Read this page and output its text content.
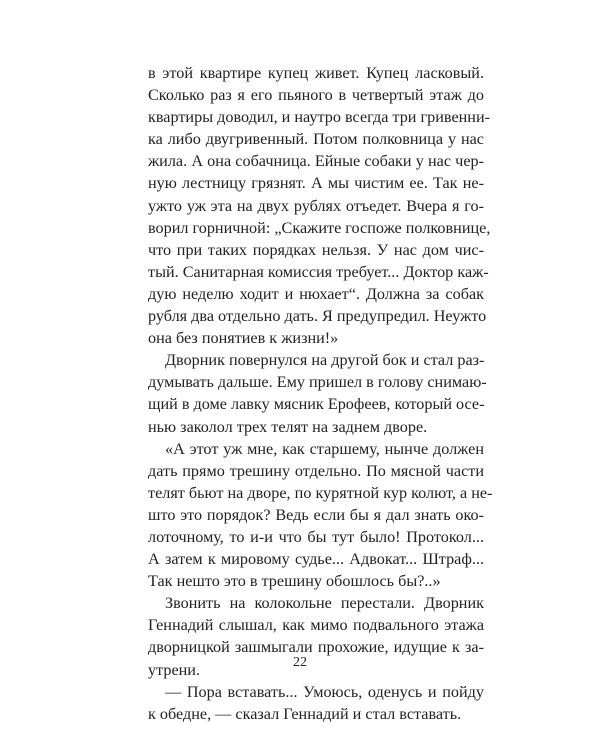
в этой квартире купец живет. Купец ласковый.
Сколько раз я его пьяного в четвертый этаж до
квартиры доводил, и наутро всегда три гривенни-
ка либо двугривенный. Потом полковница у нас
жила. А она собачница. Ейные собаки у нас чер-
ную лестницу грязнят. А мы чистим ее. Так не-
ужто уж эта на двух рублях отъедет. Вчера я го-
ворил горничной: „Скажите госпоже полковнице,
что при таких порядках нельзя. У нас дом чис-
тый. Санитарная комиссия требует... Доктор каж-
дую неделю ходит и нюхает“. Должна за собак
рубля два отдельно дать. Я предупредил. Неужто
она без понятиев к жизни!»
Дворник повернулся на другой бок и стал раз-
думывать дальше. Ему пришел в голову снимаю-
щий в доме лавку мясник Ерофеев, который осе-
нью заколол трех телят на заднем дворе.
«А этот уж мне, как старшему, нынче должен
дать прямо трешину отдельно. По мясной части
телят бьют на дворе, по курятной кур колют, а не-
што это порядок? Ведь если бы я дал знать око-
лоточному, то и-и что бы тут было! Протокол...
А затем к мировому судье... Адвокат... Штраф...
Так нешто это в трешину обошлось бы?..»
Звонить на колокольне перестали. Дворник
Геннадий слышал, как мимо подвального этажа
дворницкой зашмыгали прохожие, идущие к за-
утрени.
— Пора вставать... Умоюсь, оденусь и пойду
к обедне, — сказал Геннадий и стал вставать.
22
